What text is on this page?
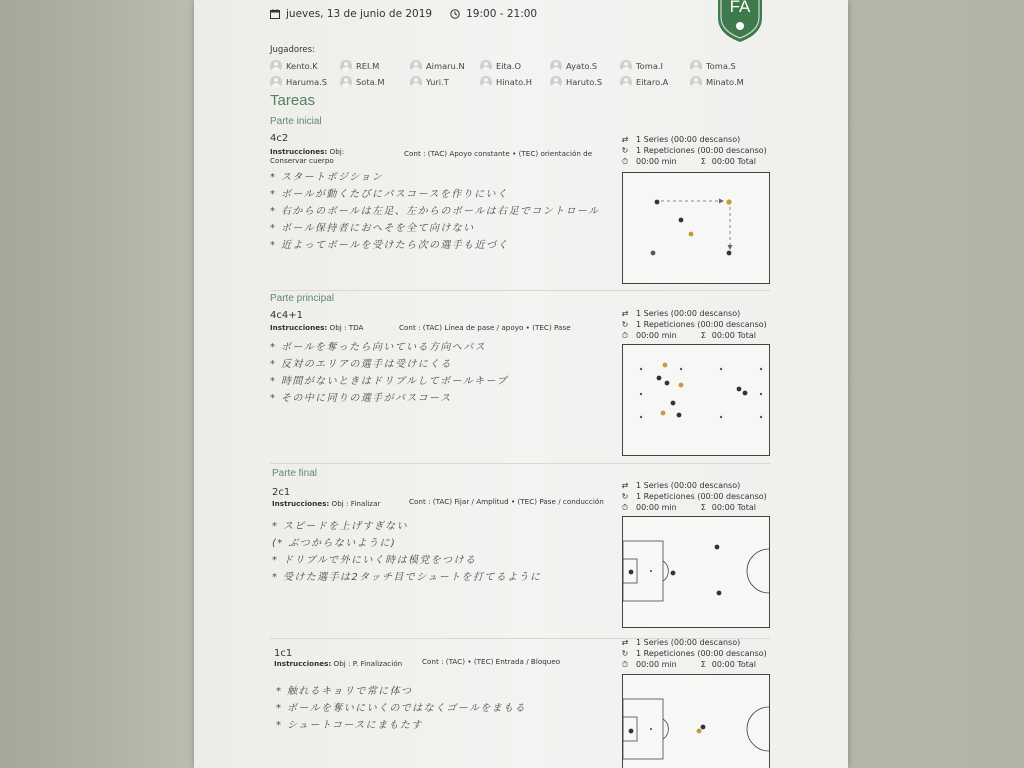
jueves, 13 de junio de 2019	19:00 - 21:00	FA
Jugadores:
Kento.K	REI.M	Aimaru.N	Eita.O	Ayato.S	Toma.I	Toma.S
Haruma.S	Sota.M	Yuri.T	Hinato.H	Haruto.S	Eitaro.A	Minato.M
Tareas
Parte inicial
4c2
Instrucciones: Obj: Conservar cuerpo
Cont : (TAC) Apoyo constante • (TEC) orientación de
* スタートポジション
* ボールが動くたびにパスコースを作りにいく
* 右からのボールは左足、左からのボールは右足でコントロール
* ボール保持者におへそを全て向けない
* 近よってボールを受けたら次の選手も近づく
⇄ 1 Series (00:00 descanso)
↻ 1 Repeticiones (00:00 descanso)
⏱ 00:00 min	Σ 00:00 Total
Parte principal
4c4+1
Instrucciones: Obj : TDA	Cont : (TAC) Línea de pase / apoyo • (TEC) Pase
* ボールを奪ったら向いている方向へパス
* 反対のエリアの選手は受けにくる
* 時間がないときはドリブルしてボールキープ
* その中に同りの選手がパスコース
⇄ 1 Series (00:00 descanso)
↻ 1 Repeticiones (00:00 descanso)
⏱ 00:00 min	Σ 00:00 Total
Parte final
2c1
Instrucciones: Obj : Finalizar	Cont : (TAC) Fijar / Amplitud • (TEC) Pase / conducción
* スピードを上げすぎない
(* ぶつからないように)
* ドリブルで外にいく時は模党をつける
* 受けた選手は2タッチ目でシュートを打てるように
⇄ 1 Series (00:00 descanso)
↻ 1 Repeticiones (00:00 descanso)
⏱ 00:00 min	Σ 00:00 Total
1c1
Instrucciones: Obj : P. Finalización	Cont : (TAC) • (TEC) Entrada / Bloqueo
* 触れるキョリで常に体つ
* ボールを奪いにいくのではなくゴールをまもる
* シュートコースにまもたす
⇄ 1 Series (00:00 descanso)
↻ 1 Repeticiones (00:00 descanso)
⏱ 00:00 min	Σ 00:00 Total
